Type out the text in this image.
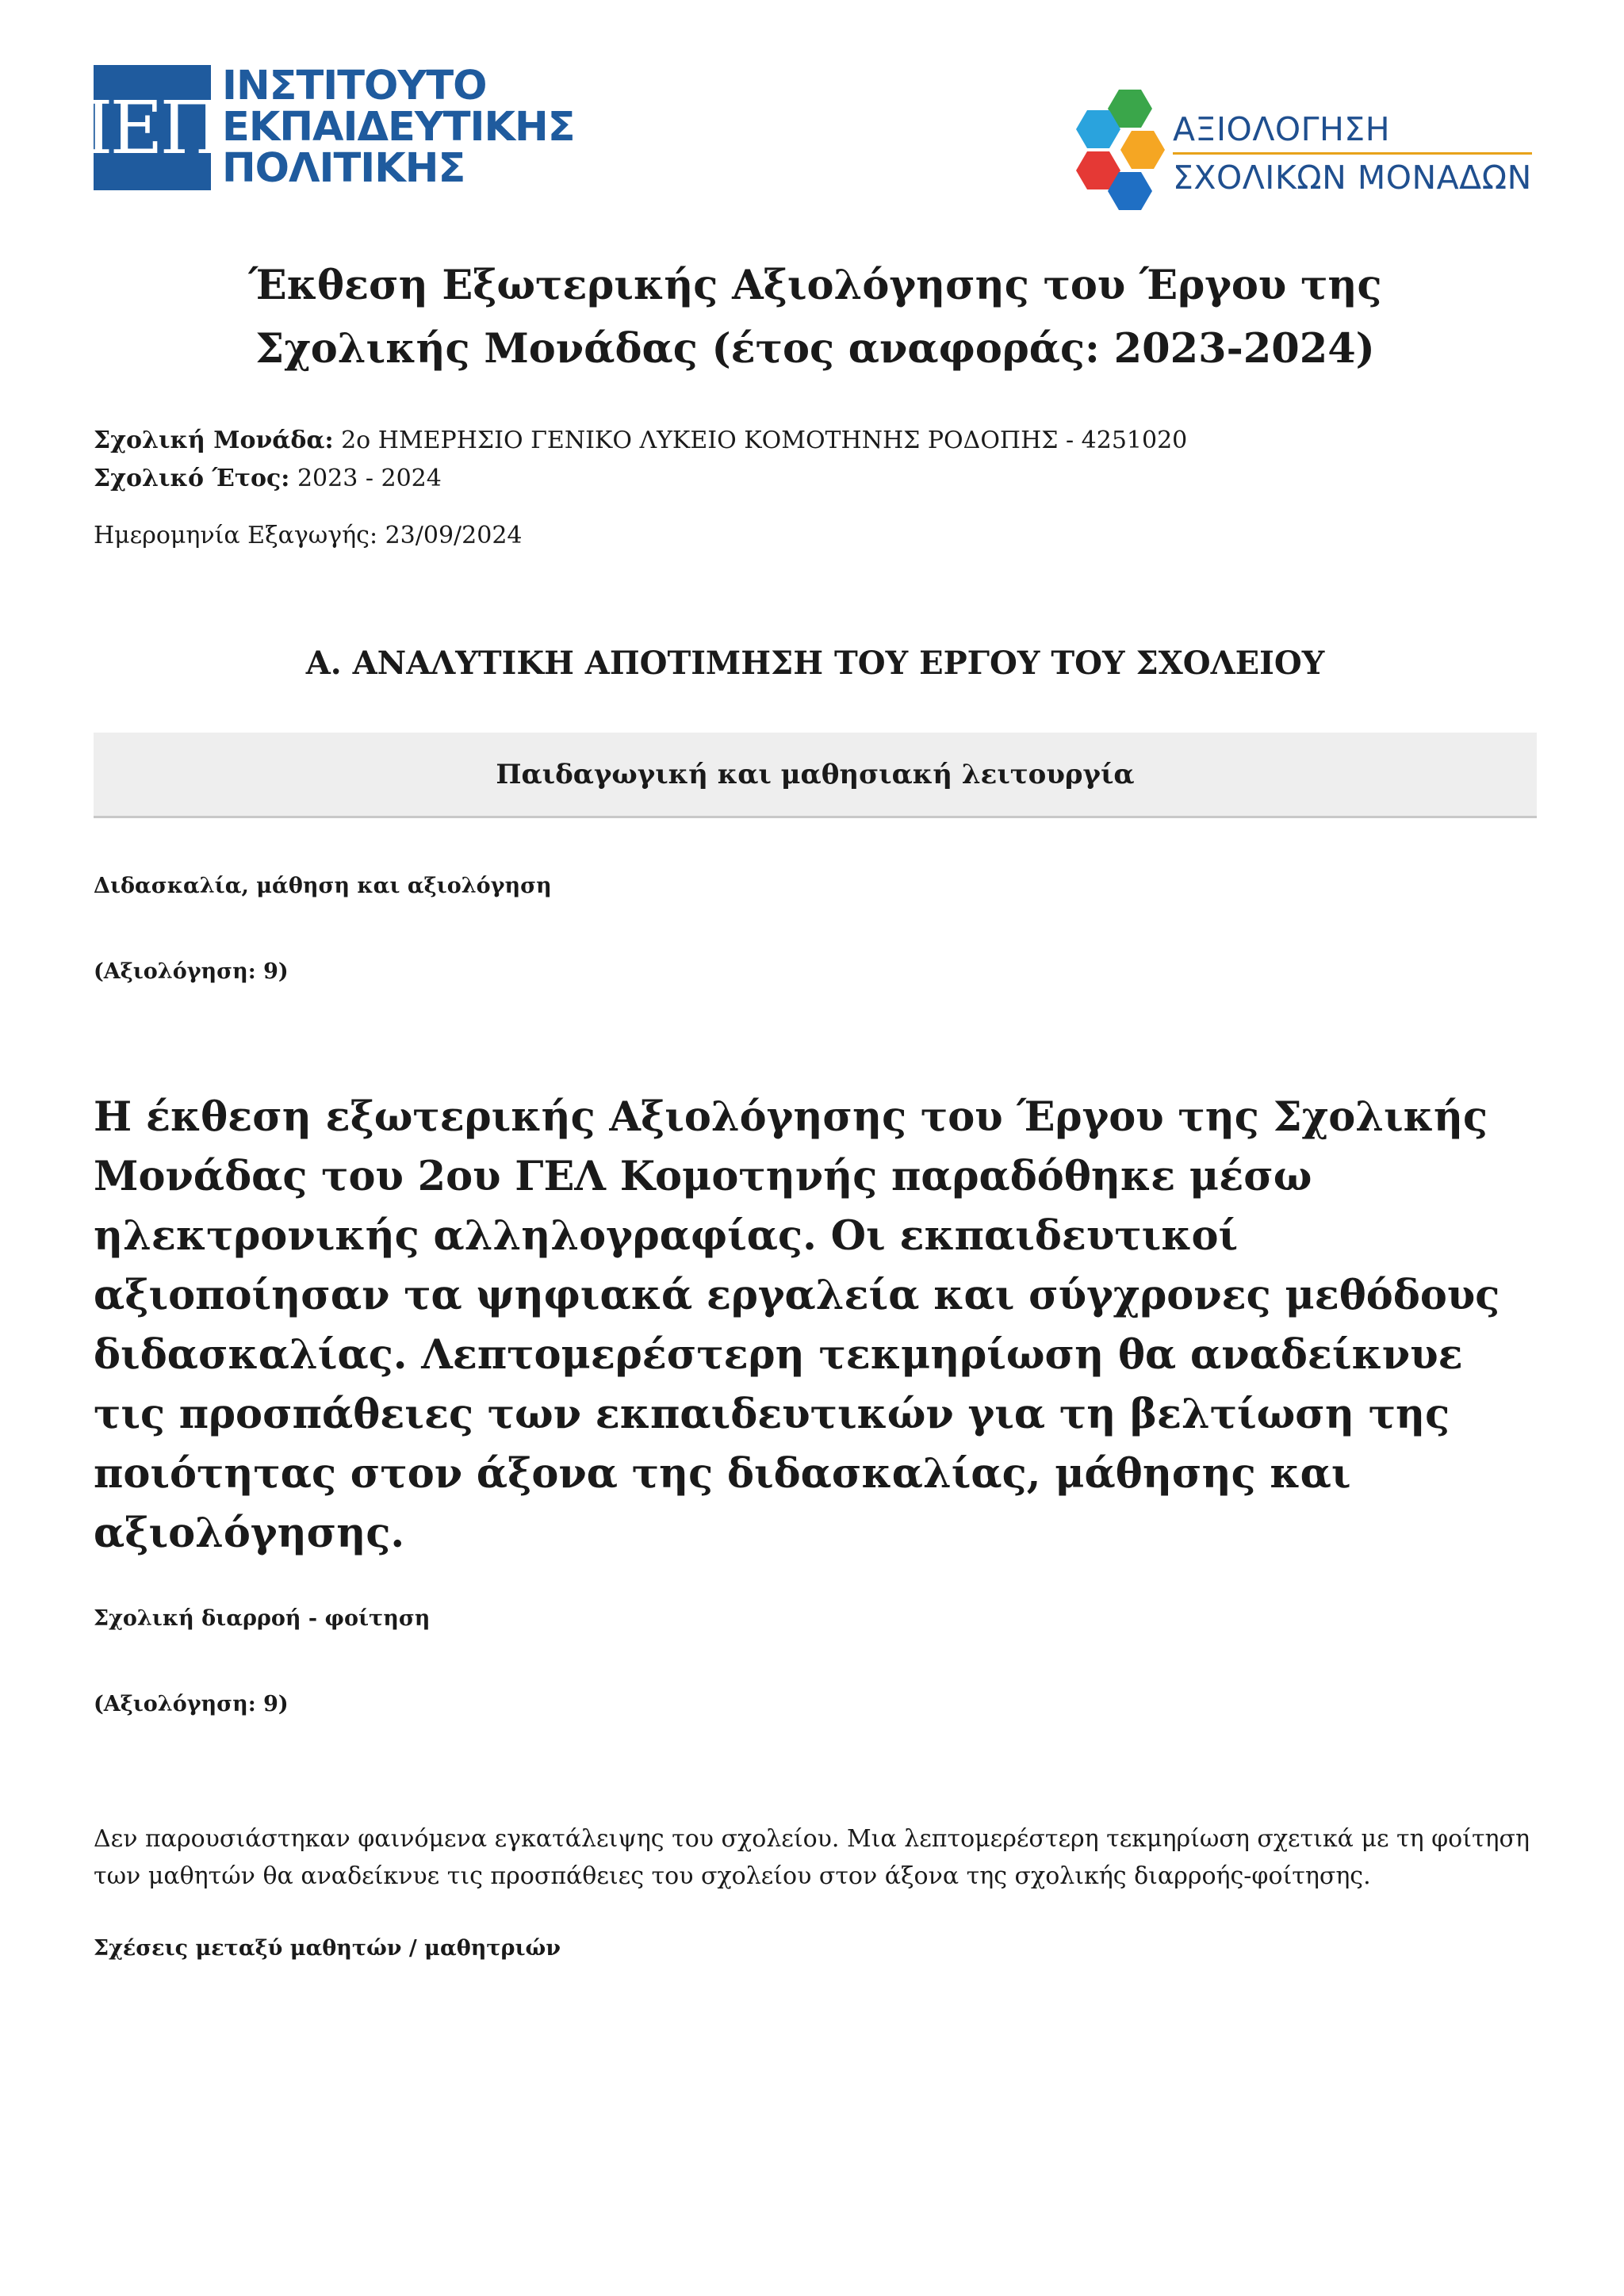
ΙΕΠ ΙΝΣΤΙΤΟΥΤΟ
ΕΚΠΑΙΔΕΥΤΙΚΗΣ
ΠΟΛΙΤΙΚΗΣ
ΑΞΙΟΛΟΓΗΣΗ
ΣΧΟΛΙΚΩΝ ΜΟΝΑΔΩΝ
Έκθεση Εξωτερικής Αξιολόγησης του Έργου της Σχολικής Μονάδας (έτος αναφοράς: 2023-2024)
Σχολική Μονάδα: 2ο ΗΜΕΡΗΣΙΟ ΓΕΝΙΚΟ ΛΥΚΕΙΟ ΚΟΜΟΤΗΝΗΣ ΡΟΔΟΠΗΣ - 4251020
Σχολικό Έτος: 2023 - 2024
Ημερομηνία Εξαγωγής: 23/09/2024
Α. ΑΝΑΛΥΤΙΚΗ ΑΠΟΤΙΜΗΣΗ ΤΟΥ ΕΡΓΟΥ ΤΟΥ ΣΧΟΛΕΙΟΥ
Παιδαγωγική και μαθησιακή λειτουργία
Διδασκαλία, μάθηση και αξιολόγηση
(Αξιολόγηση: 9)
Η έκθεση εξωτερικής Αξιολόγησης του Έργου της Σχολικής Μονάδας του 2ου ΓΕΛ Κομοτηνής παραδόθηκε μέσω ηλεκτρονικής αλληλογραφίας. Οι εκπαιδευτικοί αξιοποίησαν τα ψηφιακά εργαλεία και σύγχρονες μεθόδους διδασκαλίας. Λεπτομερέστερη τεκμηρίωση θα αναδείκνυε τις προσπάθειες των εκπαιδευτικών για τη βελτίωση της ποιότητας στον άξονα της διδασκαλίας, μάθησης και αξιολόγησης.
Σχολική διαρροή - φοίτηση
(Αξιολόγηση: 9)
Δεν παρουσιάστηκαν φαινόμενα εγκατάλειψης του σχολείου. Μια λεπτομερέστερη τεκμηρίωση σχετικά με τη φοίτηση των μαθητών θα αναδείκνυε τις προσπάθειες του σχολείου στον άξονα της σχολικής διαρροής-φοίτησης.
Σχέσεις μεταξύ μαθητών / μαθητριών
